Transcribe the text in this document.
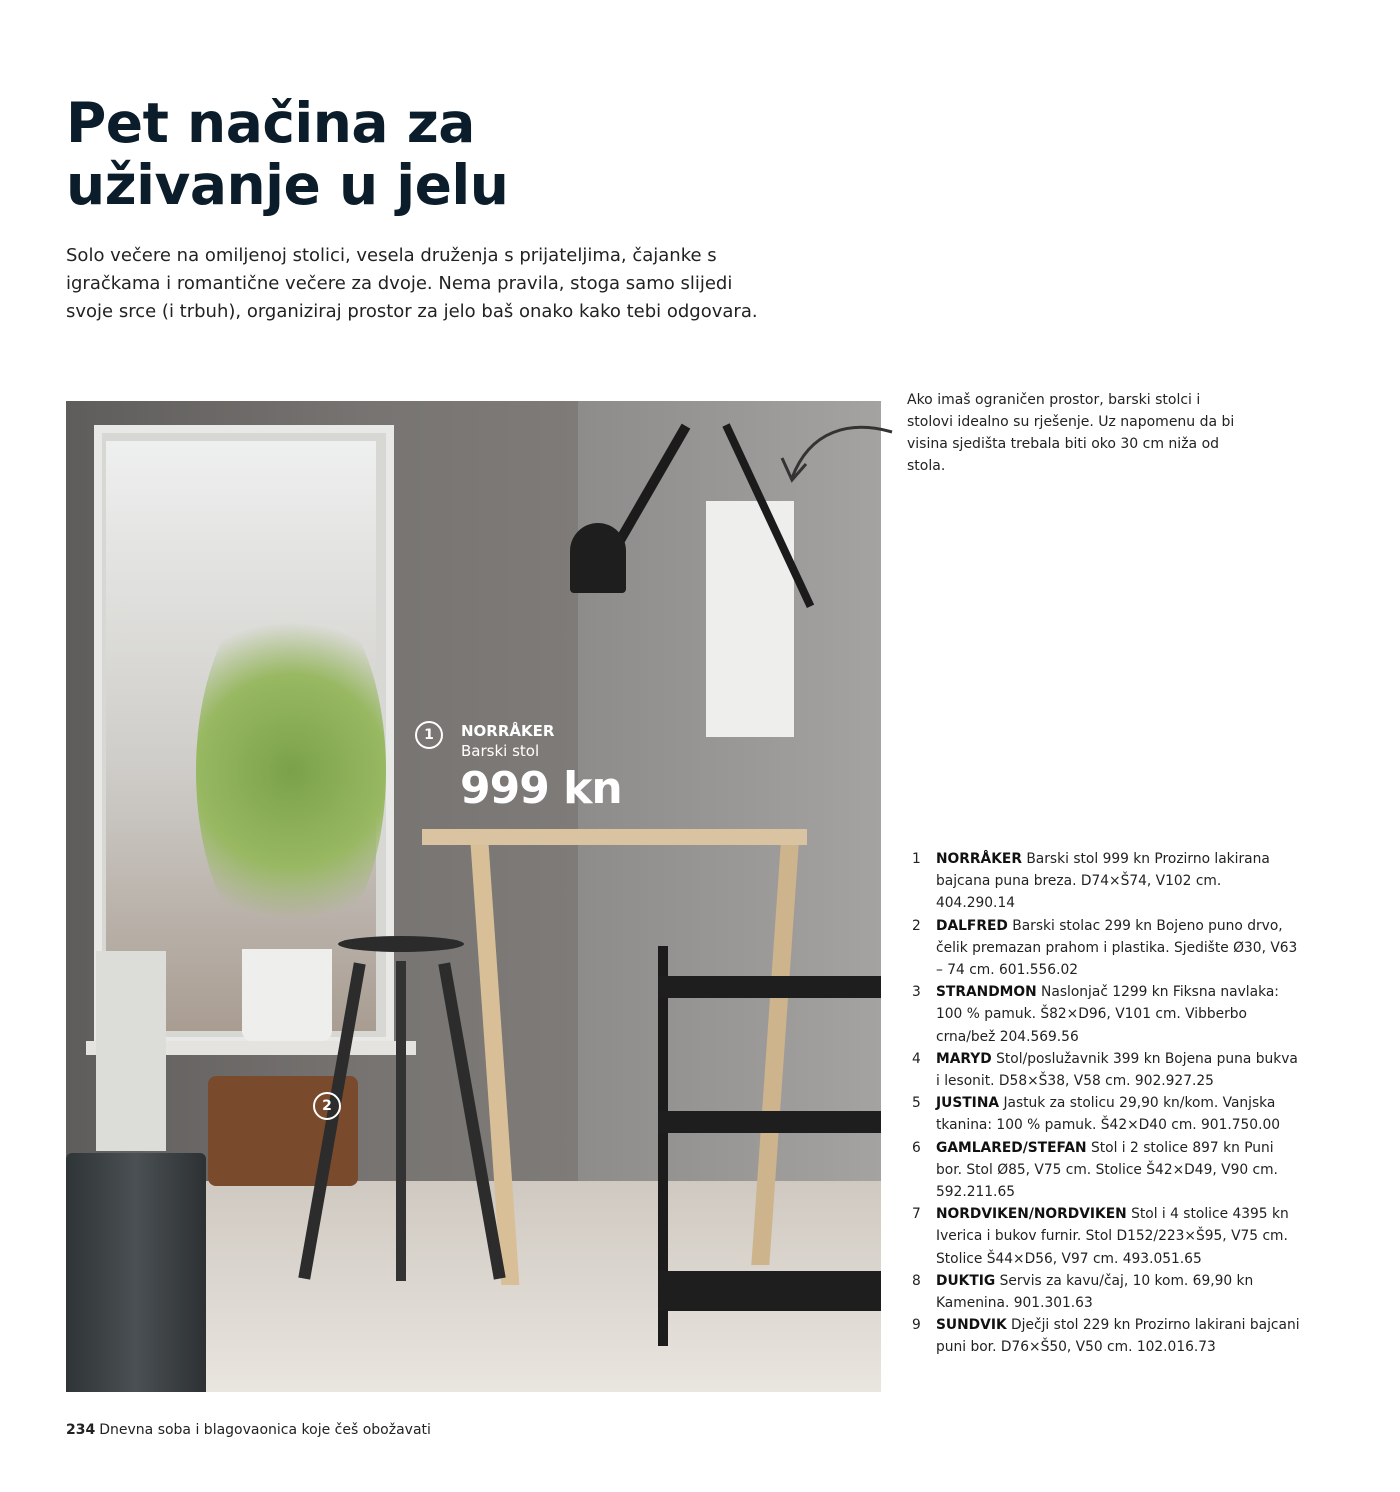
Pet načina za
uživanje u jelu

Solo večere na omiljenoj stolici, vesela druženja s prijateljima, čajanke s igračkama i romantične večere za dvoje. Nema pravila, stoga samo slijedi svoje srce (i trbuh), organiziraj prostor za jelo baš onako kako tebi odgovara.

1	NORRÅKER
Barski stol
999 kn
2

Ako imaš ograničen prostor, barski stolci i stolovi idealno su rješenje. Uz napomenu da bi visina sjedišta trebala biti oko 30 cm niža od stola.

1 NORRÅKER Barski stol 999 kn Prozirno lakirana bajcana puna breza. D74×Š74, V102 cm. 404.290.14
2 DALFRED Barski stolac 299 kn Bojeno puno drvo, čelik premazan prahom i plastika. Sjedište Ø30, V63 – 74 cm. 601.556.02
3 STRANDMON Naslonjač 1299 kn Fiksna navlaka: 100 % pamuk. Š82×D96, V101 cm. Vibberbo crna/bež 204.569.56
4 MARYD Stol/poslužavnik 399 kn Bojena puna bukva i lesonit. D58×Š38, V58 cm. 902.927.25
5 JUSTINA Jastuk za stolicu 29,90 kn/kom. Vanjska tkanina: 100 % pamuk. Š42×D40 cm. 901.750.00
6 GAMLARED/STEFAN Stol i 2 stolice 897 kn Puni bor. Stol Ø85, V75 cm. Stolice Š42×D49, V90 cm. 592.211.65
7 NORDVIKEN/NORDVIKEN Stol i 4 stolice 4395 kn Iverica i bukov furnir. Stol D152/223×Š95, V75 cm. Stolice Š44×D56, V97 cm. 493.051.65
8 DUKTIG Servis za kavu/čaj, 10 kom. 69,90 kn Kamenina. 901.301.63
9 SUNDVIK Dječji stol 229 kn Prozirno lakirani bajcani puni bor. D76×Š50, V50 cm. 102.016.73
234 Dnevna soba i blagovaonica koje češ obožavati
